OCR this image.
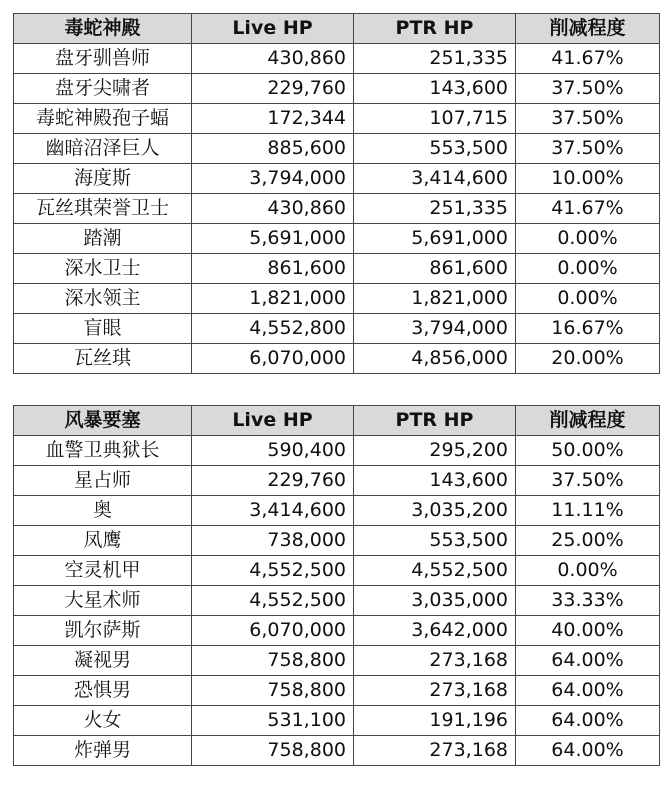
毒蛇神殿	Live HP	PTR HP	削减程度
盘牙驯兽师	430,860	251,335	41.67%
盘牙尖啸者	229,760	143,600	37.50%
毒蛇神殿孢子蝠	172,344	107,715	37.50%
幽暗沼泽巨人	885,600	553,500	37.50%
海度斯	3,794,000	3,414,600	10.00%
瓦丝琪荣誉卫士	430,860	251,335	41.67%
踏潮	5,691,000	5,691,000	0.00%
深水卫士	861,600	861,600	0.00%
深水领主	1,821,000	1,821,000	0.00%
盲眼	4,552,800	3,794,000	16.67%
瓦丝琪	6,070,000	4,856,000	20.00%

风暴要塞	Live HP	PTR HP	削减程度
血警卫典狱长	590,400	295,200	50.00%
星占师	229,760	143,600	37.50%
奥	3,414,600	3,035,200	11.11%
凤鹰	738,000	553,500	25.00%
空灵机甲	4,552,500	4,552,500	0.00%
大星术师	4,552,500	3,035,000	33.33%
凯尔萨斯	6,070,000	3,642,000	40.00%
凝视男	758,800	273,168	64.00%
恐惧男	758,800	273,168	64.00%
火女	531,100	191,196	64.00%
炸弹男	758,800	273,168	64.00%
